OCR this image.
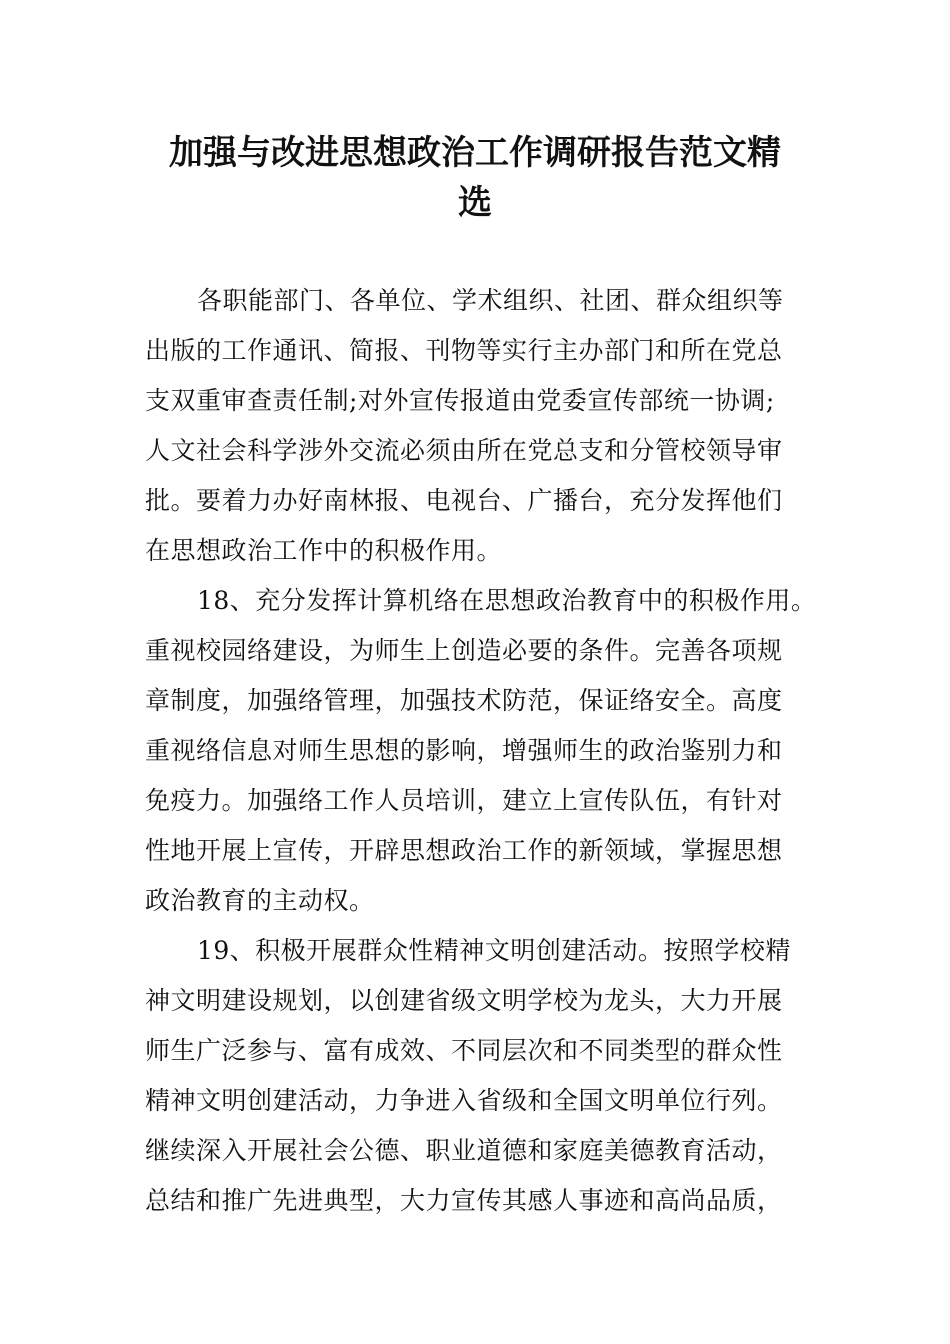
加强与改进思想政治工作调研报告范文精
选
各职能部门、各单位、学术组织、社团、群众组织等
出版的工作通讯、简报、刊物等实行主办部门和所在党总
支双重审查责任制;对外宣传报道由党委宣传部统一协调;
人文社会科学涉外交流必须由所在党总支和分管校领导审
批。要着力办好南林报、电视台、广播台，充分发挥他们
在思想政治工作中的积极作用。
18、充分发挥计算机络在思想政治教育中的积极作用。
重视校园络建设，为师生上创造必要的条件。完善各项规
章制度，加强络管理，加强技术防范，保证络安全。高度
重视络信息对师生思想的影响，增强师生的政治鉴别力和
免疫力。加强络工作人员培训，建立上宣传队伍，有针对
性地开展上宣传，开辟思想政治工作的新领域，掌握思想
政治教育的主动权。
19、积极开展群众性精神文明创建活动。按照学校精
神文明建设规划，以创建省级文明学校为龙头，大力开展
师生广泛参与、富有成效、不同层次和不同类型的群众性
精神文明创建活动，力争进入省级和全国文明单位行列。
继续深入开展社会公德、职业道德和家庭美德教育活动，
总结和推广先进典型，大力宣传其感人事迹和高尚品质，
